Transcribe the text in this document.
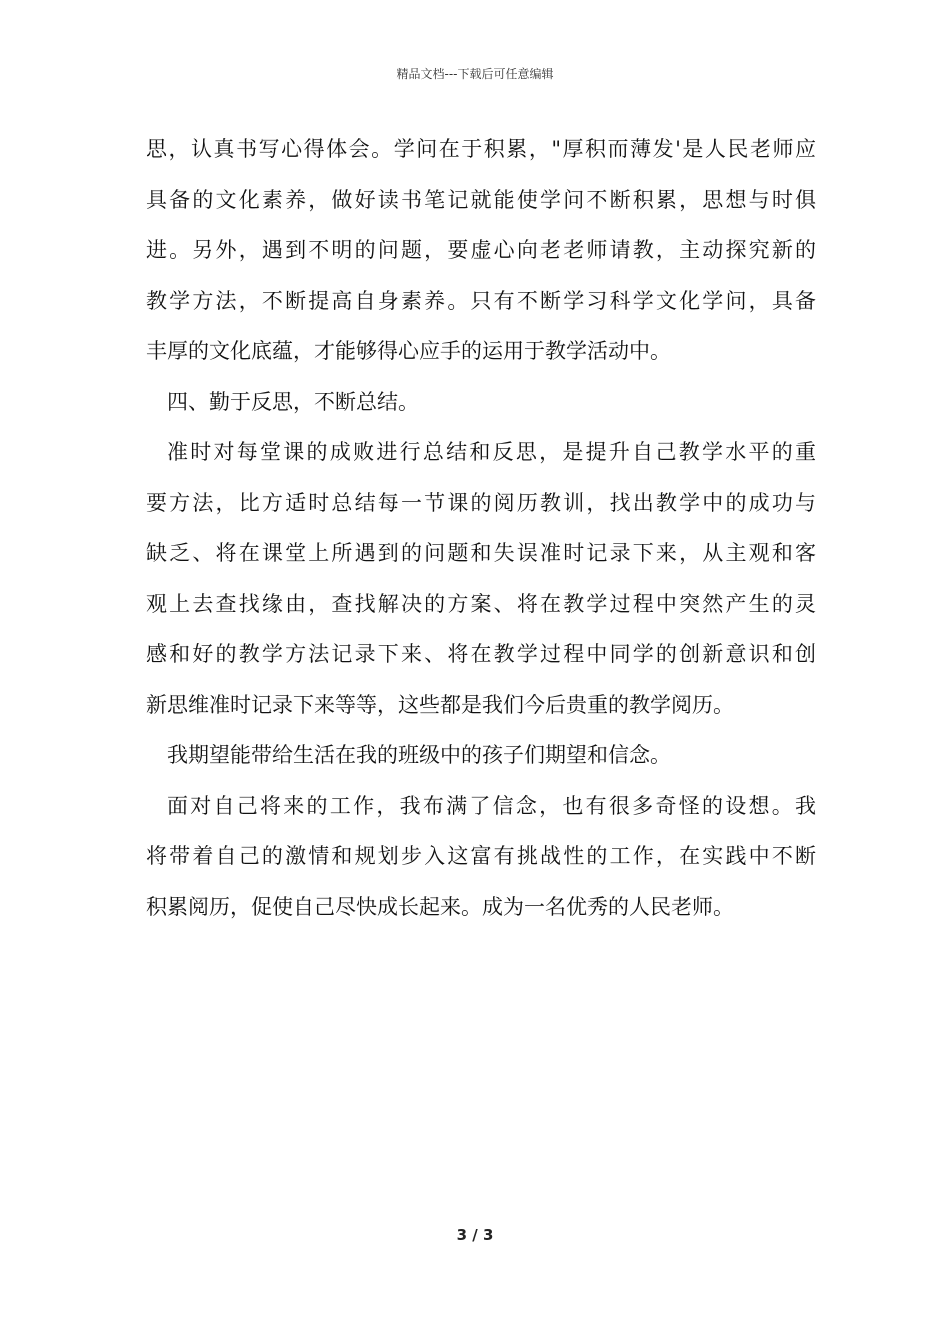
精品文档---下载后可任意编辑
思，认真书写心得体会。学问在于积累，"厚积而薄发'是人民老师应
具备的文化素养，做好读书笔记就能使学问不断积累，思想与时俱
进。另外，遇到不明的问题，要虚心向老老师请教，主动探究新的
教学方法，不断提高自身素养。只有不断学习科学文化学问，具备
丰厚的文化底蕴，才能够得心应手的运用于教学活动中。
四、勤于反思，不断总结。
准时对每堂课的成败进行总结和反思，是提升自己教学水平的重
要方法，比方适时总结每一节课的阅历教训，找出教学中的成功与
缺乏、将在课堂上所遇到的问题和失误准时记录下来，从主观和客
观上去查找缘由，查找解决的方案、将在教学过程中突然产生的灵
感和好的教学方法记录下来、将在教学过程中同学的创新意识和创
新思维准时记录下来等等，这些都是我们今后贵重的教学阅历。
我期望能带给生活在我的班级中的孩子们期望和信念。
面对自己将来的工作，我布满了信念，也有很多奇怪的设想。我
将带着自己的激情和规划步入这富有挑战性的工作，在实践中不断
积累阅历，促使自己尽快成长起来。成为一名优秀的人民老师。
3 / 3
